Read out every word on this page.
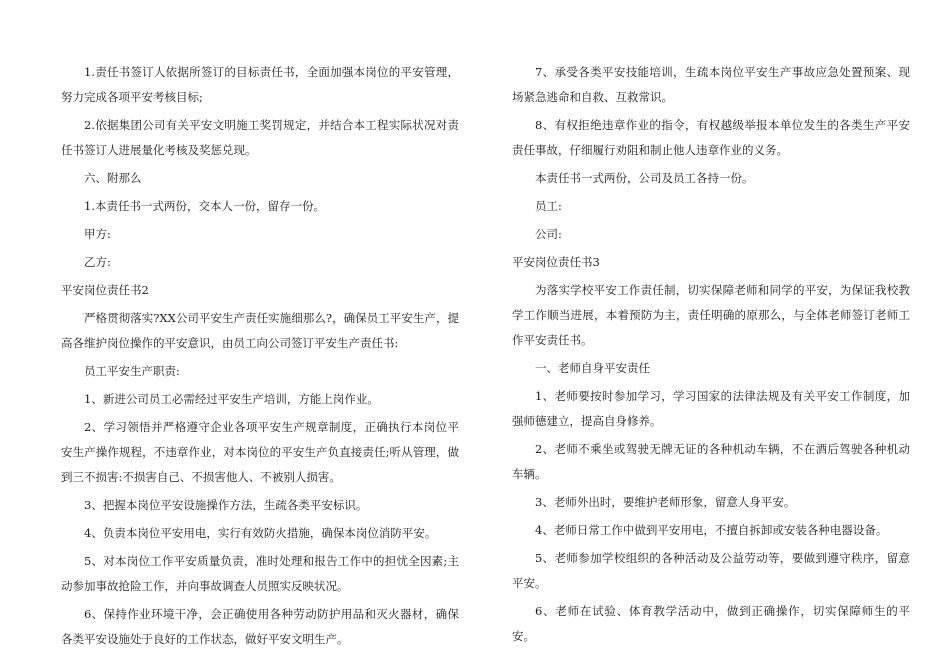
1.责任书签订人依据所签订的目标责任书，全面加强本岗位的平安管理，努力完成各项平安考核目标;

2.依据集团公司有关平安文明施工奖罚规定，并结合本工程实际状况对责任书签订人进展量化考核及奖惩兑现。

六、附那么

1.本责任书一式两份，交本人一份，留存一份。

甲方:

乙方:

平安岗位责任书2

严格贯彻落实?XX公司平安生产责任实施细那么?，确保员工平安生产，提高各维护岗位操作的平安意识，由员工向公司签订平安生产责任书:

员工平安生产职责:

1、新进公司员工必需经过平安生产培训，方能上岗作业。

2、学习领悟并严格遵守企业各项平安生产规章制度，正确执行本岗位平安生产操作规程，不违章作业，对本岗位的平安生产负直接责任;听从管理，做到三不损害:不损害自己、不损害他人、不被别人损害。

3、把握本岗位平安设施操作方法，生疏各类平安标识。

4、负责本岗位平安用电，实行有效防火措施，确保本岗位消防平安。

5、对本岗位工作平安质量负责，准时处理和报告工作中的担忧全因素;主动参加事故抢险工作，并向事故调查人员照实反映状况。

6、保持作业环境干净，会正确使用各种劳动防护用品和灭火器材，确保各类平安设施处于良好的工作状态，做好平安文明生产。

7、承受各类平安技能培训，生疏本岗位平安生产事故应急处置预案、现场紧急逃命和自救、互救常识。

8、有权拒绝违章作业的指令，有权越级举报本单位发生的各类生产平安责任事故，仔细履行劝阻和制止他人违章作业的义务。

本责任书一式两份，公司及员工各持一份。

员工:

公司:

平安岗位责任书3

为落实学校平安工作责任制，切实保障老师和同学的平安，为保证我校教学工作顺当进展，本着预防为主，责任明确的原那么，与全体老师签订老师工作平安责任书。

一、老师自身平安责任

1、老师要按时参加学习，学习国家的法律法规及有关平安工作制度，加强师德建立，提高自身修养。

2、老师不乘坐或驾驶无牌无证的各种机动车辆，不在酒后驾驶各种机动车辆。

3、老师外出时，要维护老师形象，留意人身平安。

4、老师日常工作中做到平安用电，不擅自拆卸或安装各种电器设备。

5、老师参加学校组织的各种活动及公益劳动等，要做到遵守秩序，留意平安。

6、老师在试验、体育教学活动中，做到正确操作，切实保障师生的平安。
